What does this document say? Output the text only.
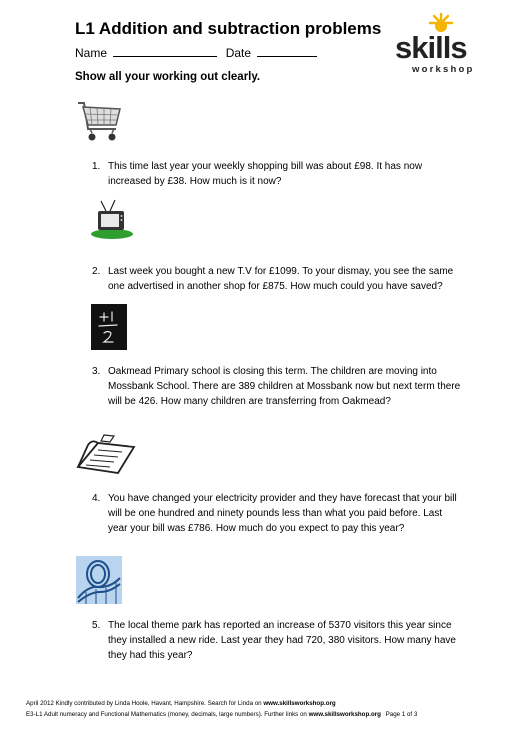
L1 Addition and subtraction problems
Name	Date
Show all your working out clearly.
skills
workshop
1. This time last year your weekly shopping bill was about £98. It has now increased by £38. How much is it now?
2. Last week you bought a new T.V for £1099. To your dismay, you see the same one advertised in another shop for £875. How much could you have saved?
3. Oakmead Primary school is closing this term. The children are moving into Mossbank School. There are 389 children at Mossbank now but next term there will be 426. How many children are transferring from Oakmead?
4. You have changed your electricity provider and they have forecast that your bill will be one hundred and ninety pounds less than what you paid before. Last year your bill was £786. How much do you expect to pay this year?
5. The local theme park has reported an increase of 5370 visitors this year since they installed a new ride. Last year they had 720, 380 visitors. How many have they had this year?
April 2012 Kindly contributed by Linda Hoole, Havant, Hampshire. Search for Linda on www.skillsworkshop.org
E3-L1 Adult numeracy and Functional Mathematics (money, decimals, large numbers). Further links on www.skillsworkshop.org Page 1 of 3
